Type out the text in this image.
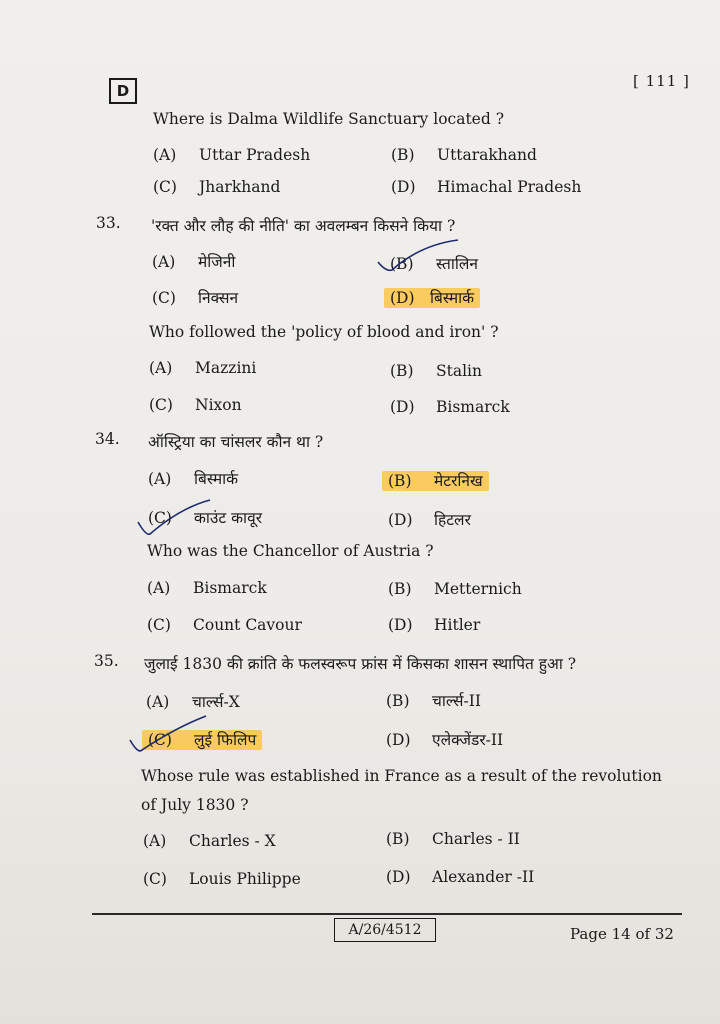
D
[ 111 ]
Where is Dalma Wildlife Sanctuary located ?
(A) Uttar Pradesh	(B) Uttarakhand
(C) Jharkhand	(D) Himachal Pradesh
33. 'रक्त और लौह की नीति' का अवलम्बन किसने किया ?
(A) मेजिनी	(B) स्तालिन
(C) निक्सन	(D) बिस्मार्क
Who followed the 'policy of blood and iron' ?
(A) Mazzini	(B) Stalin
(C) Nixon	(D) Bismarck
34. ऑस्ट्रिया का चांसलर कौन था ?
(A) बिस्मार्क	(B) मेटरनिख
(C) काउंट कावूर	(D) हिटलर
Who was the Chancellor of Austria ?
(A) Bismarck	(B) Metternich
(C) Count Cavour	(D) Hitler
35. जुलाई 1830 की क्रांति के फलस्वरूप फ्रांस में किसका शासन स्थापित हुआ ?
(A) चार्ल्स-X	(B) चार्ल्स-II
(C) लुई फिलिप	(D) एलेक्जेंडर-II
Whose rule was established in France as a result of the revolution
of July 1830 ?
(A) Charles - X	(B) Charles - II
(C) Louis Philippe	(D) Alexander -II
A/26/4512	Page 14 of 32
